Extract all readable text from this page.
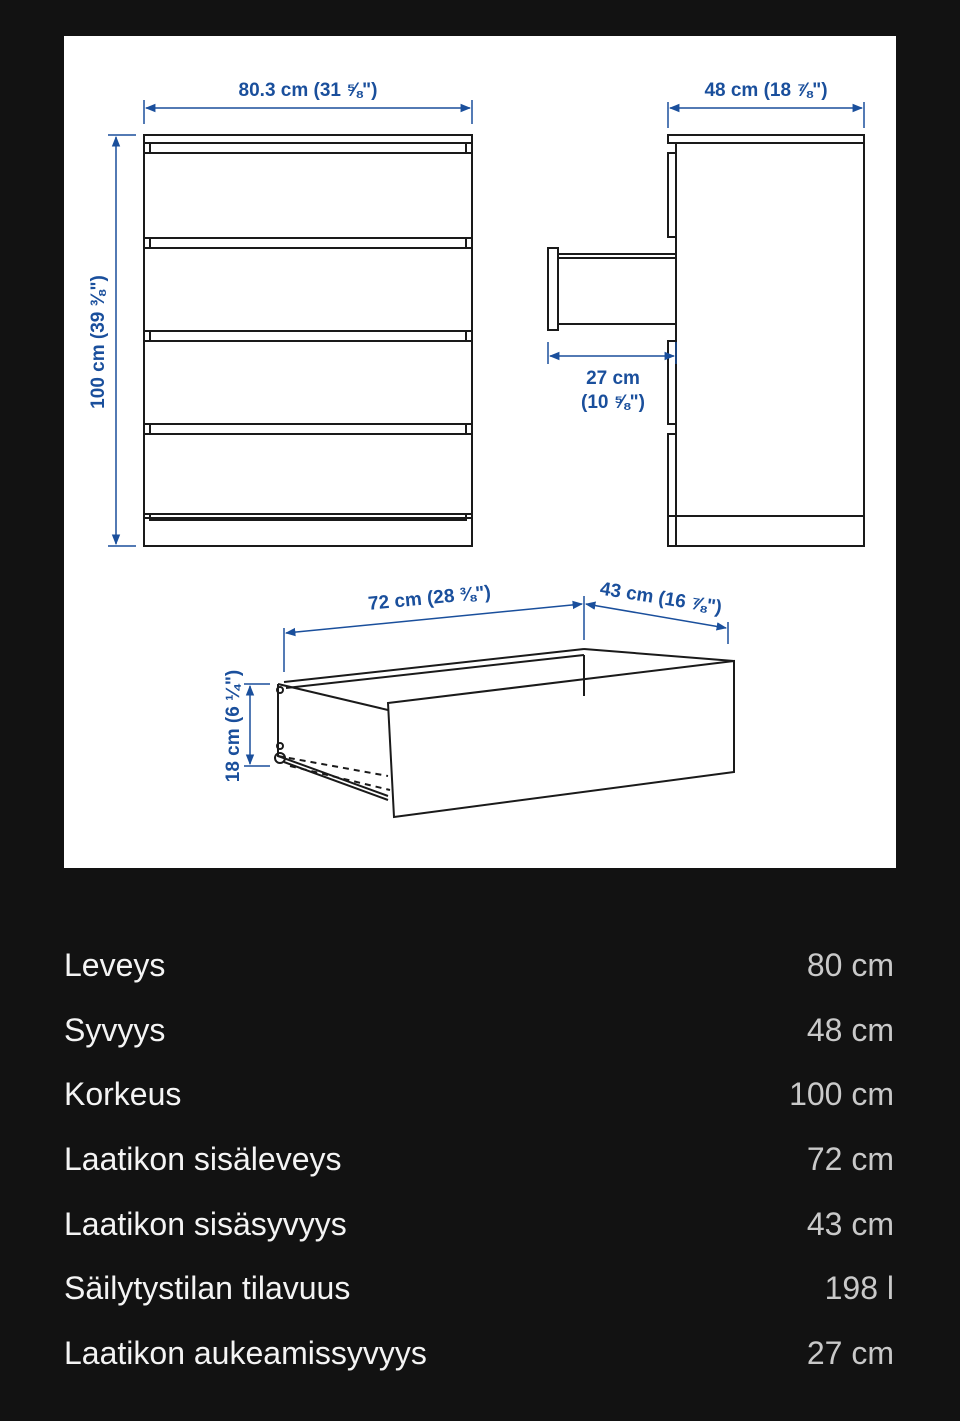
80.3 cm (31 ⅝")
100 cm (39 ⅜")
48 cm (18 ⅞")
27 cm
(10 ⅝")
72 cm (28 ⅜")	43 cm (16 ⅞")
18 cm (6 ¼")
Leveys	80 cm
Syvyys	48 cm
Korkeus	100 cm
Laatikon sisäleveys	72 cm
Laatikon sisäsyvyys	43 cm
Säilytystilan tilavuus	198 l
Laatikon aukeamissyvyys	27 cm
